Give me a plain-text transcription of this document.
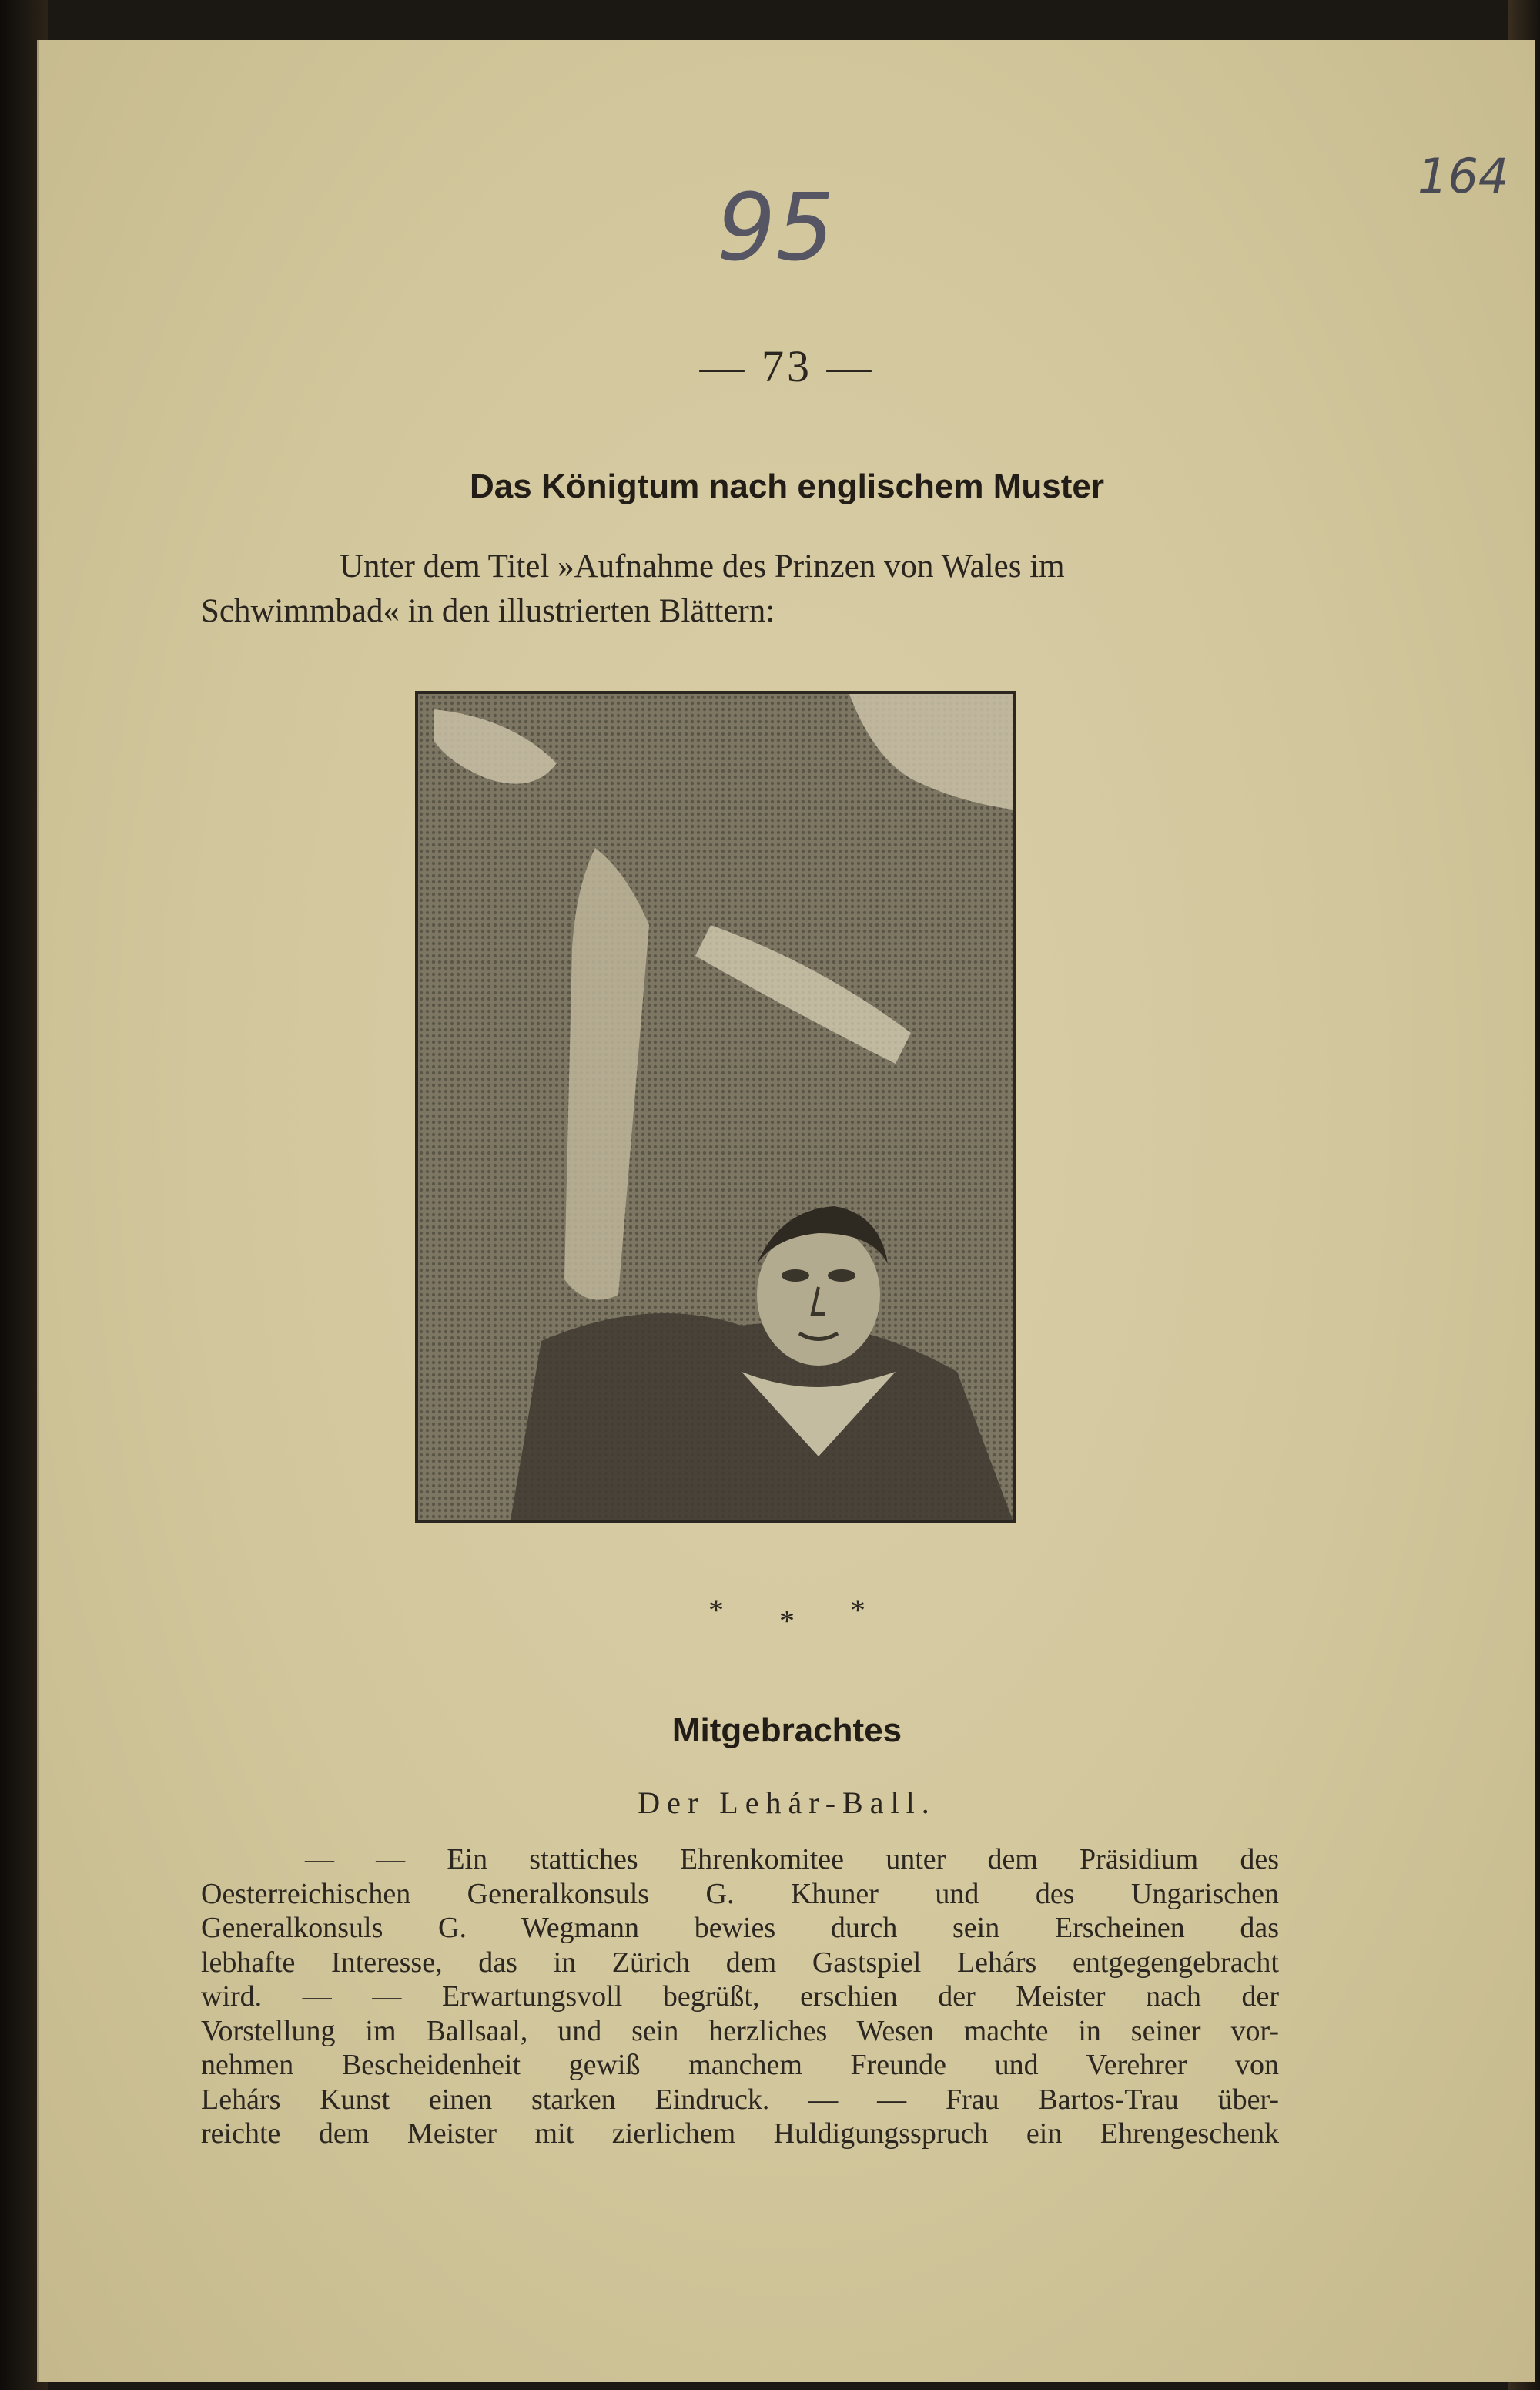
164
95
— 73 —
Das Königtum nach englischem Muster
Unter dem Titel »Aufnahme des Prinzen von Wales im
Schwimmbad« in den illustrierten Blättern:
* * *
Mitgebrachtes
Der Lehár-Ball.
— — Ein stattiches Ehrenkomitee unter dem Präsidium des
Oesterreichischen Generalkonsuls G. Khuner und des Ungarischen
Generalkonsuls G. Wegmann bewies durch sein Erscheinen das
lebhafte Interesse, das in Zürich dem Gastspiel Lehárs entgegengebracht
wird. — — Erwartungsvoll begrüßt, erschien der Meister nach der
Vorstellung im Ballsaal, und sein herzliches Wesen machte in seiner vor-
nehmen Bescheidenheit gewiß manchem Freunde und Verehrer von
Lehárs Kunst einen starken Eindruck. — — Frau Bartos-Trau über-
reichte dem Meister mit zierlichem Huldigungsspruch ein Ehrengeschenk
